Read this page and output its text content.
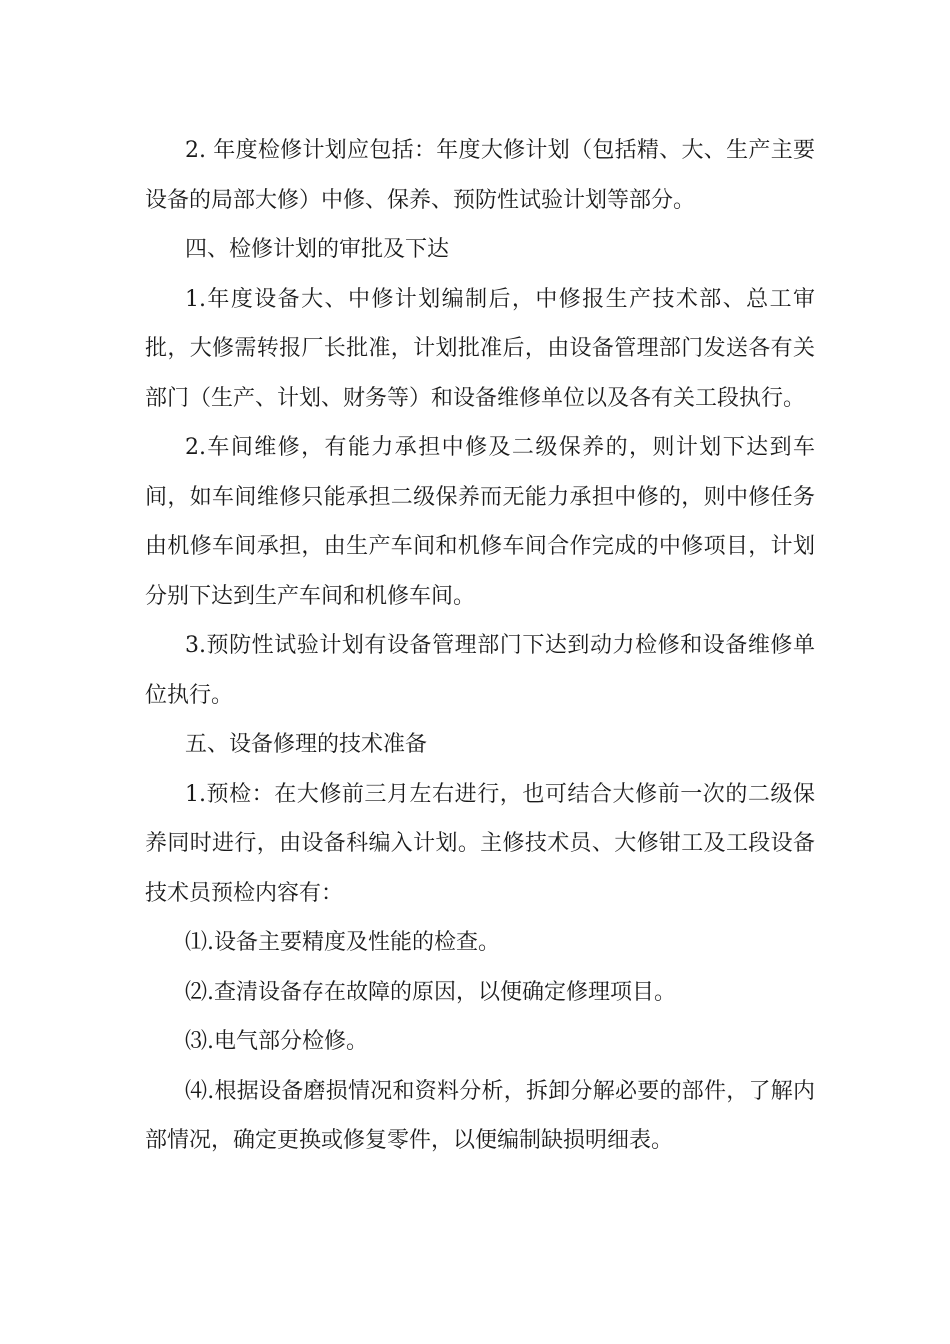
2. 年度检修计划应包括：年度大修计划（包括精、大、生产主要设备的局部大修）中修、保养、预防性试验计划等部分。

四、检修计划的审批及下达

1.年度设备大、中修计划编制后，中修报生产技术部、总工审批，大修需转报厂长批准，计划批准后，由设备管理部门发送各有关部门（生产、计划、财务等）和设备维修单位以及各有关工段执行。

2.车间维修，有能力承担中修及二级保养的，则计划下达到车间，如车间维修只能承担二级保养而无能力承担中修的，则中修任务由机修车间承担，由生产车间和机修车间合作完成的中修项目，计划分别下达到生产车间和机修车间。

3.预防性试验计划有设备管理部门下达到动力检修和设备维修单位执行。

五、设备修理的技术准备

1.预检：在大修前三月左右进行，也可结合大修前一次的二级保养同时进行，由设备科编入计划。主修技术员、大修钳工及工段设备技术员预检内容有：

⑴.设备主要精度及性能的检查。

⑵.查清设备存在故障的原因，以便确定修理项目。

⑶.电气部分检修。

⑷.根据设备磨损情况和资料分析，拆卸分解必要的部件，了解内部情况，确定更换或修复零件，以便编制缺损明细表。
